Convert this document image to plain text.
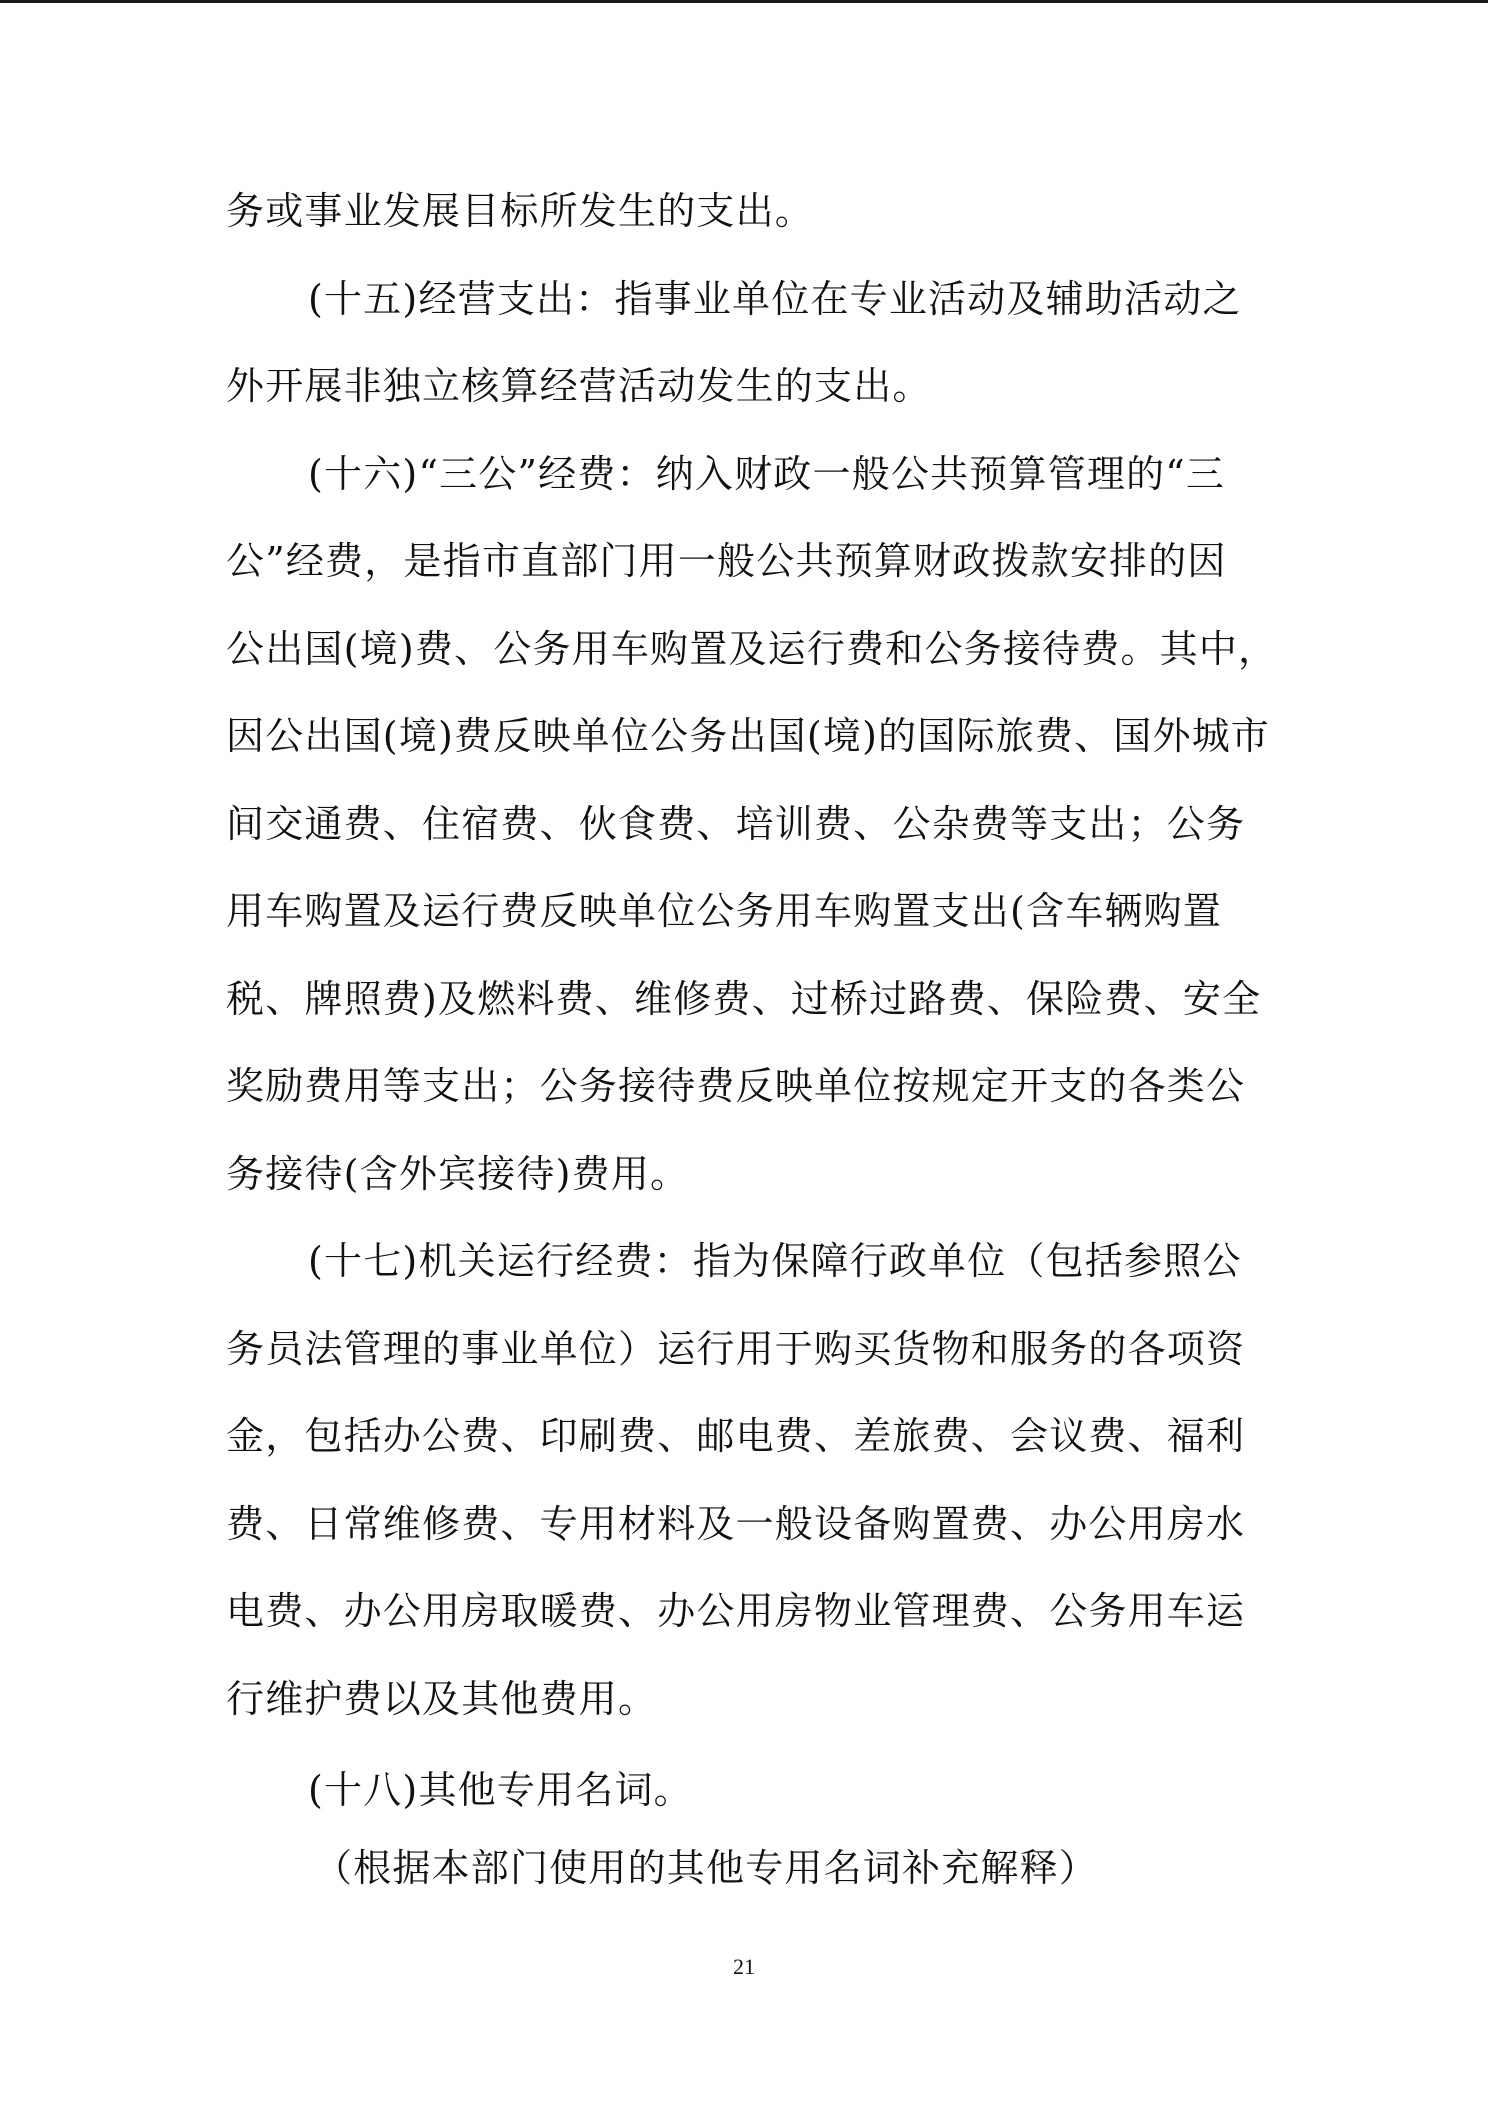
务或事业发展目标所发生的支出。

(十五)经营支出：指事业单位在专业活动及辅助活动之

外开展非独立核算经营活动发生的支出。

(十六)“三公”经费：纳入财政一般公共预算管理的“三

公”经费，是指市直部门用一般公共预算财政拨款安排的因

公出国(境)费、公务用车购置及运行费和公务接待费。其中，

因公出国(境)费反映单位公务出国(境)的国际旅费、国外城市

间交通费、住宿费、伙食费、培训费、公杂费等支出；公务

用车购置及运行费反映单位公务用车购置支出(含车辆购置

税、牌照费)及燃料费、维修费、过桥过路费、保险费、安全

奖励费用等支出；公务接待费反映单位按规定开支的各类公

务接待(含外宾接待)费用。

(十七)机关运行经费：指为保障行政单位（包括参照公

务员法管理的事业单位）运行用于购买货物和服务的各项资

金，包括办公费、印刷费、邮电费、差旅费、会议费、福利

费、日常维修费、专用材料及一般设备购置费、办公用房水

电费、办公用房取暖费、办公用房物业管理费、公务用车运

行维护费以及其他费用。

(十八)其他专用名词。

（根据本部门使用的其他专用名词补充解释）

21
